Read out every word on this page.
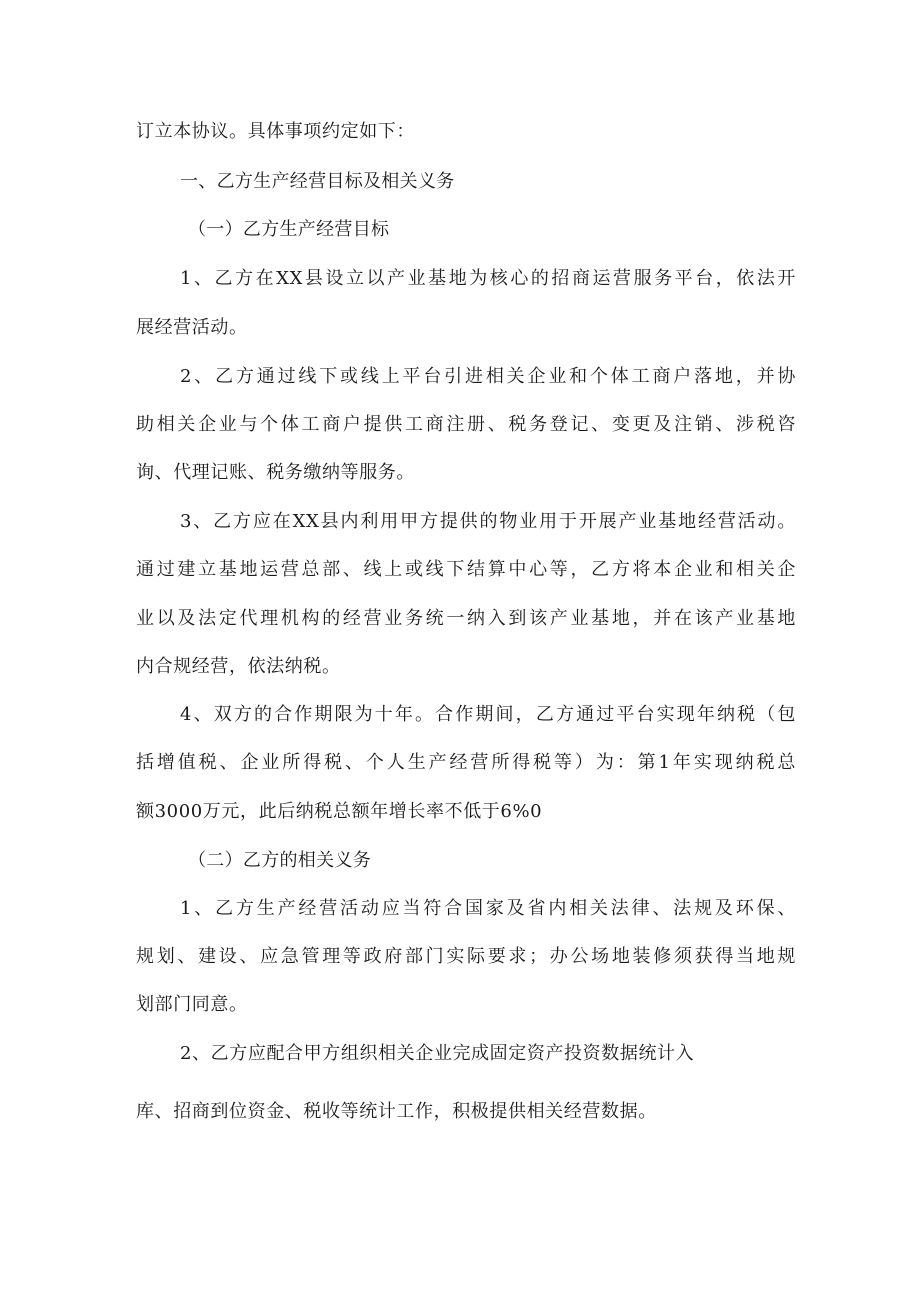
订立本协议。具体事项约定如下：
一、乙方生产经营目标及相关义务
（一）乙方生产经营目标
1、乙方在XX县设立以产业基地为核心的招商运营服务平台，依法开
展经营活动。
2、乙方通过线下或线上平台引进相关企业和个体工商户落地，并协
助相关企业与个体工商户提供工商注册、税务登记、变更及注销、涉税咨
询、代理记账、税务缴纳等服务。
3、乙方应在XX县内利用甲方提供的物业用于开展产业基地经营活动。
通过建立基地运营总部、线上或线下结算中心等，乙方将本企业和相关企
业以及法定代理机构的经营业务统一纳入到该产业基地，并在该产业基地
内合规经营，依法纳税。
4、双方的合作期限为十年。合作期间，乙方通过平台实现年纳税（包
括增值税、企业所得税、个人生产经营所得税等）为：第1年实现纳税总
额3000万元，此后纳税总额年增长率不低于6%0
（二）乙方的相关义务
1、乙方生产经营活动应当符合国家及省内相关法律、法规及环保、
规划、建设、应急管理等政府部门实际要求；办公场地装修须获得当地规
划部门同意。
2、乙方应配合甲方组织相关企业完成固定资产投资数据统计入
库、招商到位资金、税收等统计工作，积极提供相关经营数据。
